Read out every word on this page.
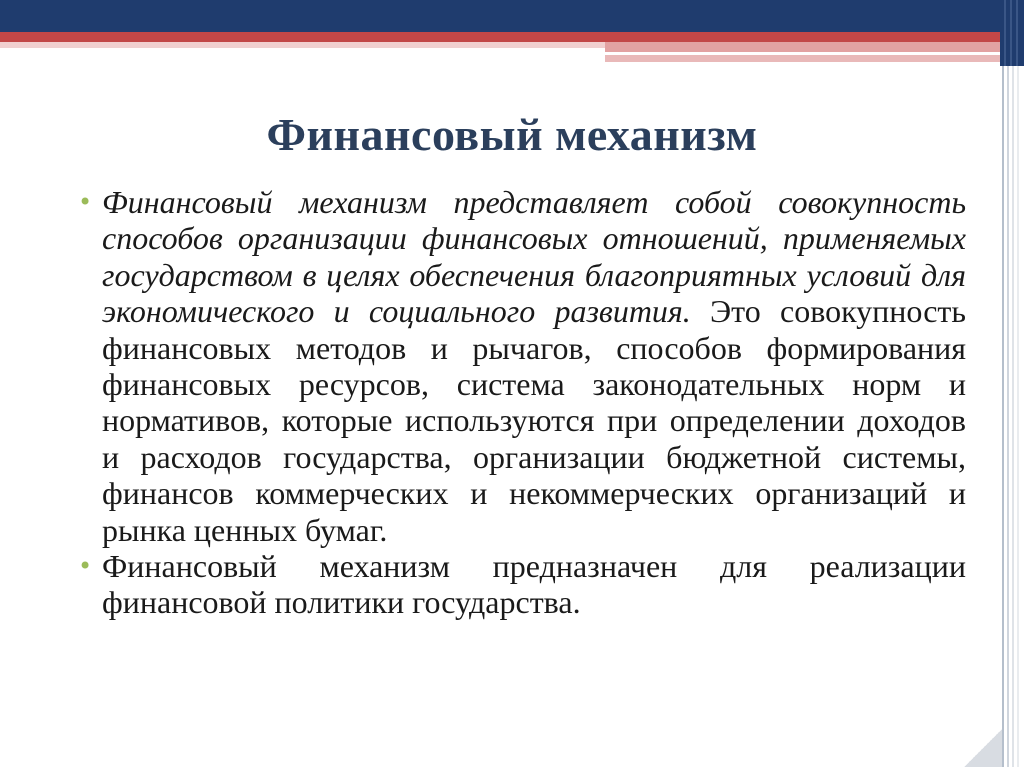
Финансовый механизм
• Финансовый механизм представляет собой совокупность способов организации финансовых отношений, применяемых государством в целях обеспечения благоприятных условий для экономического и социального развития. Это совокупность финансовых методов и рычагов, способов формирования финансовых ресурсов, система законодательных норм и нормативов, которые используются при определении доходов и расходов государства, организации бюджетной системы, финансов коммерческих и некоммерческих организаций и рынка ценных бумаг.
• Финансовый механизм предназначен для реализации финансовой политики государства.
